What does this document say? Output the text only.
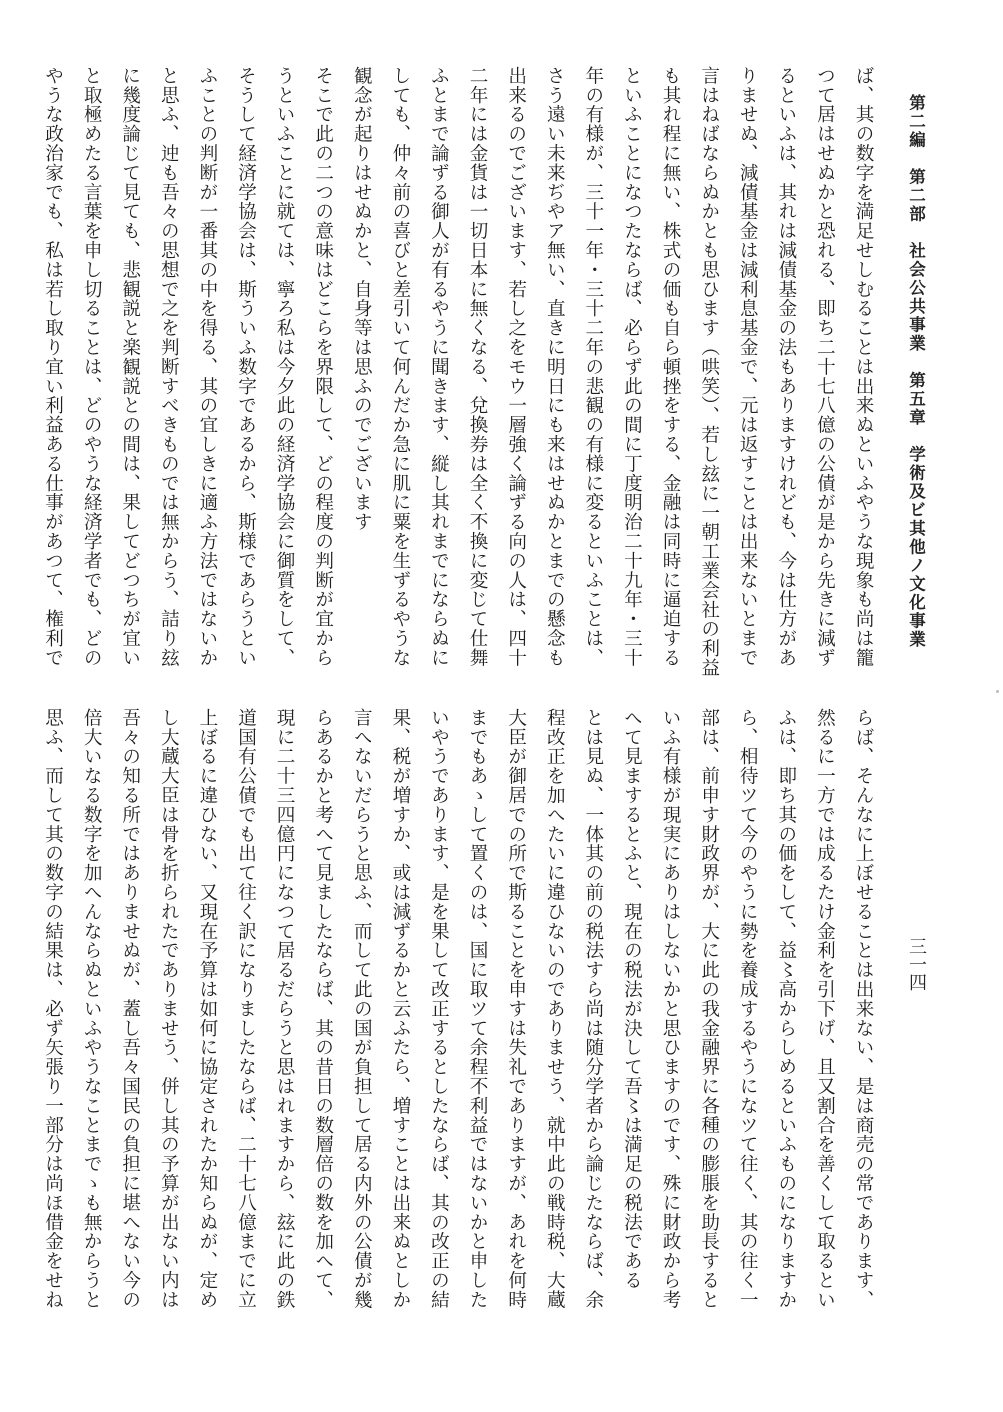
第二編　第二部　社会公共事業　第五章　学術及ビ其他ノ文化事業
三一四
ば、其の数字を満足せしむることは出来ぬといふやうな現象も尚は籠
つて居はせぬかと恐れる、即ち二十七八億の公債が是から先きに減ず
るといふは、其れは減債基金の法もありますけれども、今は仕方があ
りませぬ、減債基金は減利息基金で、元は返すことは出来ないとまで
言はねばならぬかとも思ひます（哄笑）、若し玆に一朝工業会社の利益
も其れ程に無い、株式の価も自ら頓挫をする、金融は同時に逼迫する
といふことになつたならば、必らず此の間に丁度明治二十九年・三十
年の有様が、三十一年・三十二年の悲観の有様に変るといふことは、
さう遠い未来ぢやア無い、直きに明日にも来はせぬかとまでの懸念も
出来るのでございます、若し之をモウ一層強く論ずる向の人は、四十
二年には金貨は一切日本に無くなる、兌換券は全く不換に変じて仕舞
ふとまで論ずる御人が有るやうに聞きます、縦し其れまでにならぬに
しても、仲々前の喜びと差引いて何んだか急に肌に粟を生ずるやうな
観念が起りはせぬかと、自身等は思ふのでございます
そこで此の二つの意味はどこらを界限して、どの程度の判断が宜から
うといふことに就ては、寧ろ私は今夕此の経済学協会に御質をして、
そうして経済学協会は、斯ういふ数字であるから、斯様であらうとい
ふことの判断が一番其の中を得る、其の宜しきに適ふ方法ではないか
と思ふ、迚も吾々の思想で之を判断すべきものでは無からう、詰り玆
に幾度論じて見ても、悲観説と楽観説との間は、果してどつちが宜い
と取極めたる言葉を申し切ることは、どのやうな経済学者でも、どの
やうな政治家でも、私は若し取り宜い利益ある仕事があつて、権利で
らば、そんなに上ぼせることは出来ない、是は商売の常であります、
然るに一方では成るたけ金利を引下げ、且又割合を善くして取るとい
ふは、即ち其の価をして、益〻高からしめるといふものになりますか
ら、相待ツて今のやうに勢を養成するやうになツて往く、其の往く一
部は、前申す財政界が、大に此の我金融界に各種の膨脹を助長すると
いふ有様が現実にありはしないかと思ひますのです、殊に財政から考
へて見まするとふと、現在の税法が決して吾〻は満足の税法である
とは見ぬ、一体其の前の税法すら尚は随分学者から論じたならば、余
程改正を加へたいに違ひないのでありませう、就中此の戦時税、大蔵
大臣が御居での所で斯ることを申すは失礼でありますが、あれを何時
までもあゝして置くのは、国に取ツて余程不利益ではないかと申した
いやうであります、是を果して改正するとしたならば、其の改正の結
果、税が増すか、或は減ずるかと云ふたら、増すことは出来ぬとしか
言へないだらうと思ふ、而して此の国が負担して居る内外の公債が幾
らあるかと考へて見ましたならば、其の昔日の数層倍の数を加へて、
現に二十三四億円になつて居るだらうと思はれますから、玆に此の鉄
道国有公債でも出て往く訳になりましたならば、二十七八億までに立
上ぼるに違ひない、又現在予算は如何に協定されたか知らぬが、定め
し大蔵大臣は骨を折られたでありませう、併し其の予算が出ない内は
吾々の知る所ではありませぬが、蓋し吾々国民の負担に堪へない今の
倍大いなる数字を加へんならぬといふやうなことまでゝも無からうと
思ふ、而して其の数字の結果は、必ず矢張り一部分は尚ほ借金をせね
